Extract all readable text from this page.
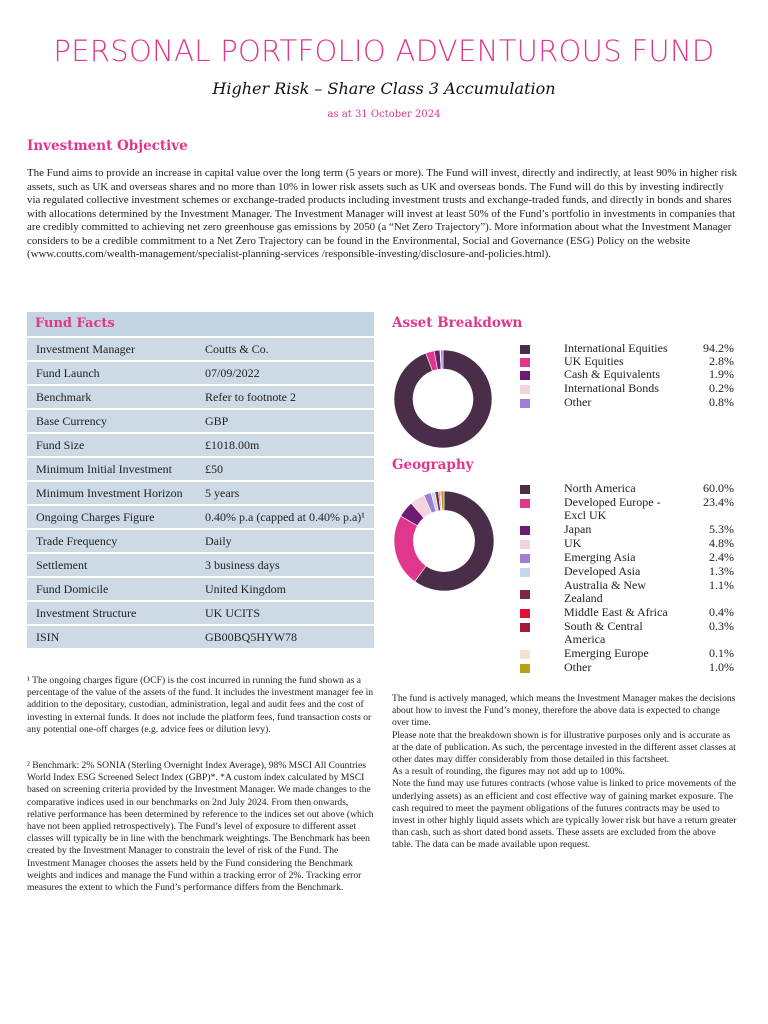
PERSONAL PORTFOLIO ADVENTUROUS FUND
Higher Risk – Share Class 3 Accumulation
as at 31 October 2024
Investment Objective
The Fund aims to provide an increase in capital value over the long term (5 years or more). The Fund will invest, directly and indirectly, at least 90% in higher risk assets, such as UK and overseas shares and no more than 10% in lower risk assets such as UK and overseas bonds. The Fund will do this by investing indirectly via regulated collective investment schemes or exchange-traded products including investment trusts and exchange-traded funds, and directly in bonds and shares with allocations determined by the Investment Manager. The Investment Manager will invest at least 50% of the Fund’s portfolio in investments in companies that are credibly committed to achieving net zero greenhouse gas emissions by 2050 (a “Net Zero Trajectory”). More information about what the Investment Manager considers to be a credible commitment to a Net Zero Trajectory can be found in the Environmental, Social and Governance (ESG) Policy on the website (www.coutts.com/wealth-management/specialist-planning-services /responsible-investing/disclosure-and-policies.html).
Fund Facts
Investment Manager	Coutts & Co.
Fund Launch	07/09/2022
Benchmark	Refer to footnote 2
Base Currency	GBP
Fund Size	£1018.00m
Minimum Initial Investment	£50
Minimum Investment Horizon	5 years
Ongoing Charges Figure	0.40% p.a (capped at 0.40% p.a)¹
Trade Frequency	Daily
Settlement	3 business days
Fund Domicile	United Kingdom
Investment Structure	UK UCITS
ISIN	GB00BQ5HYW78
¹ The ongoing charges figure (OCF) is the cost incurred in running the fund shown as a percentage of the value of the assets of the fund. It includes the investment manager fee in addition to the depositary, custodian, administration, legal and audit fees and the cost of investing in external funds. It does not include the platform fees, fund transaction costs or any potential one-off charges (e.g. advice fees or dilution levy).
² Benchmark: 2% SONIA (Sterling Overnight Index Average), 98% MSCI All Countries World Index ESG Screened Select Index (GBP)*. *A custom index calculated by MSCI based on screening criteria provided by the Investment Manager. We made changes to the comparative indices used in our benchmarks on 2nd July 2024. From then onwards, relative performance has been determined by reference to the indices set out above (which have not been applied retrospectively). The Fund’s level of exposure to different asset classes will typically be in line with the benchmark weightings. The Benchmark has been created by the Investment Manager to constrain the level of risk of the Fund. The Investment Manager chooses the assets held by the Fund considering the Benchmark weights and indices and manage the Fund within a tracking error of 2%. Tracking error measures the extent to which the Fund’s performance differs from the Benchmark.
Asset Breakdown
International Equities	94.2%
UK Equities	2.8%
Cash & Equivalents	1.9%
International Bonds	0.2%
Other	0.8%
Geography
North America	60.0%
Developed Europe - Excl UK
23.4%
Japan	5.3%
UK	4.8%
Emerging Asia	2.4%
Developed Asia	1.3%
Australia & New Zealand
1.1%
Middle East & Africa	0.4%
South & Central America
0.3%
Emerging Europe	0.1%
Other	1.0%
The fund is actively managed, which means the Investment Manager makes the decisions about how to invest the Fund’s money, therefore the above data is expected to change over time.
Please note that the breakdown shown is for illustrative purposes only and is accurate as at the date of publication. As such, the percentage invested in the different asset classes at other dates may differ considerably from those detailed in this factsheet.
As a result of rounding, the figures may not add up to 100%.
Note the fund may use futures contracts (whose value is linked to price movements of the underlying assets) as an efficient and cost effective way of gaining market exposure. The cash required to meet the payment obligations of the futures contracts may be used to invest in other highly liquid assets which are typically lower risk but have a return greater than cash, such as short dated bond assets. These assets are excluded from the above table. The data can be made available upon request.
